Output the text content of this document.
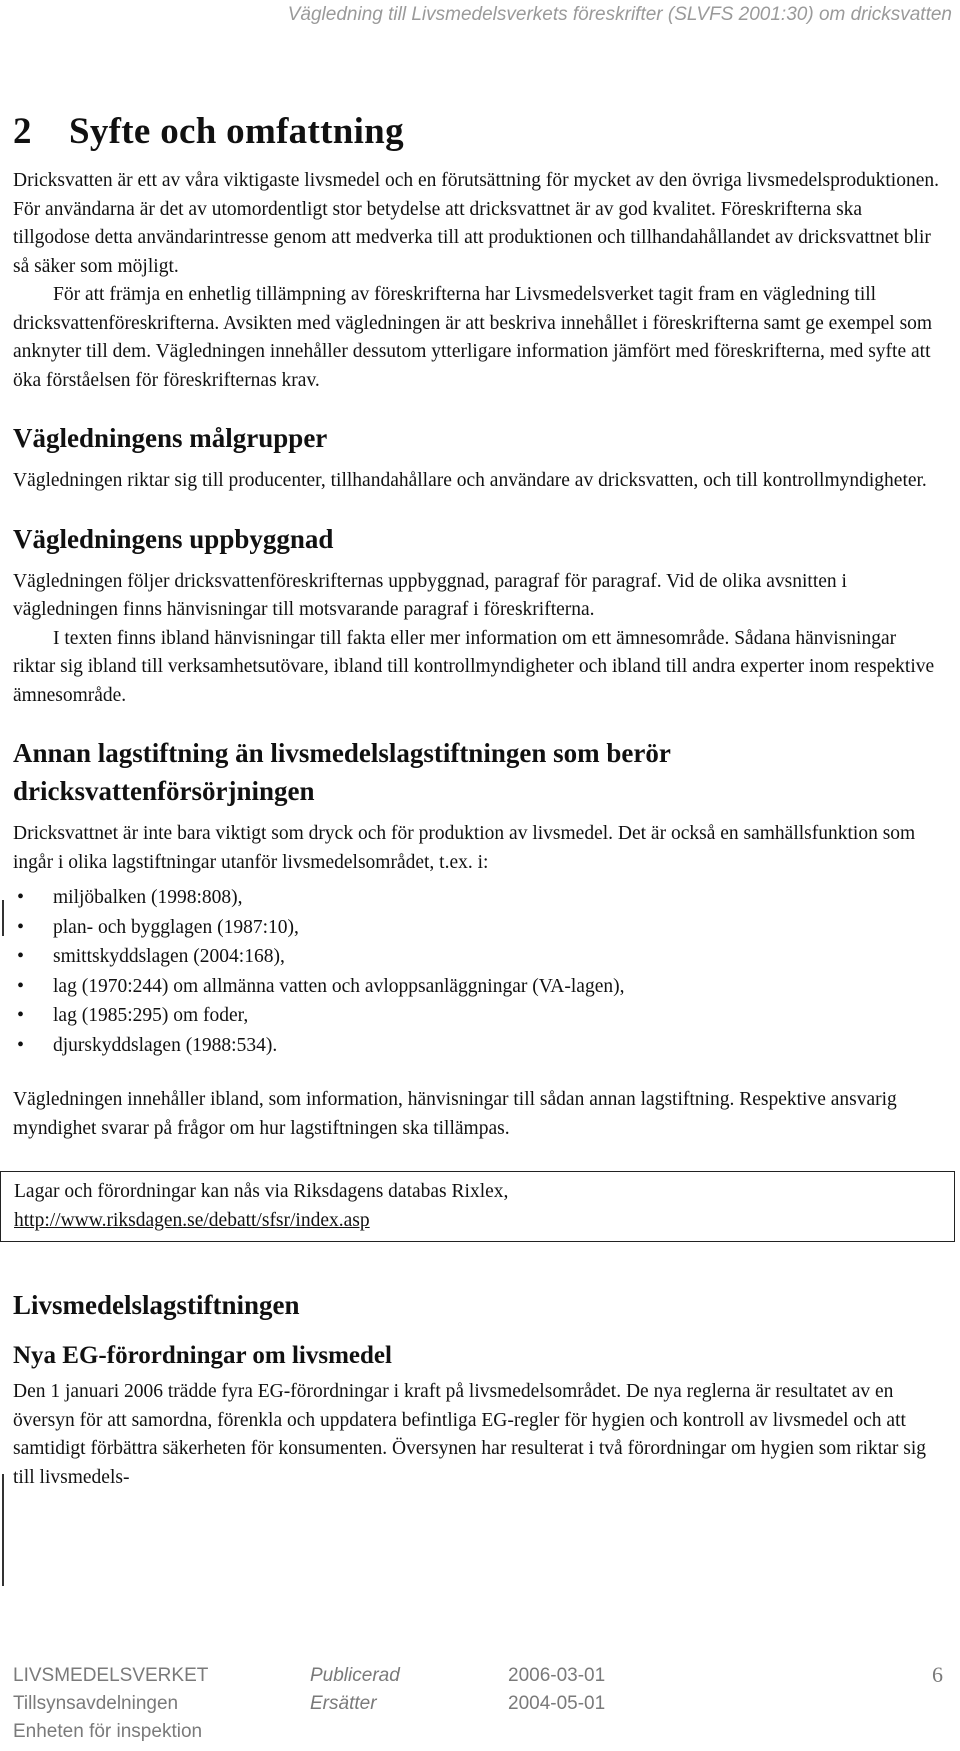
Vägledning till Livsmedelsverkets föreskrifter (SLVFS 2001:30) om dricksvatten
2 Syfte och omfattning

Dricksvatten är ett av våra viktigaste livsmedel och en förutsättning för mycket av den övriga livsmedelsproduktionen. För användarna är det av utomordentligt stor betydelse att dricksvattnet är av god kvalitet. Föreskrifterna ska tillgodose detta användarintresse genom att medverka till att produktionen och tillhandahållandet av dricksvattnet blir så säker som möjligt.

För att främja en enhetlig tillämpning av föreskrifterna har Livsmedelsverket tagit fram en vägledning till dricksvattenföreskrifterna. Avsikten med vägledningen är att beskriva innehållet i föreskrifterna samt ge exempel som anknyter till dem. Vägledningen innehåller dessutom ytterligare information jämfört med föreskrifterna, med syfte att öka förståelsen för föreskrifternas krav.

Vägledningens målgrupper

Vägledningen riktar sig till producenter, tillhandahållare och användare av dricksvatten, och till kontrollmyndigheter.

Vägledningens uppbyggnad

Vägledningen följer dricksvattenföreskrifternas uppbyggnad, paragraf för paragraf. Vid de olika avsnitten i vägledningen finns hänvisningar till motsvarande paragraf i föreskrifterna.

I texten finns ibland hänvisningar till fakta eller mer information om ett ämnesområde. Sådana hänvisningar riktar sig ibland till verksamhetsutövare, ibland till kontrollmyndigheter och ibland till andra experter inom respektive ämnesområde.

Annan lagstiftning än livsmedelslagstiftningen som berör dricksvattenförsörjningen

Dricksvattnet är inte bara viktigt som dryck och för produktion av livsmedel. Det är också en samhällsfunktion som ingår i olika lagstiftningar utanför livsmedelsområdet, t.ex. i:

• miljöbalken (1998:808),
• plan- och bygglagen (1987:10),
• smittskyddslagen (2004:168),
• lag (1970:244) om allmänna vatten och avloppsanläggningar (VA-lagen),
• lag (1985:295) om foder,
• djurskyddslagen (1988:534).

Vägledningen innehåller ibland, som information, hänvisningar till sådan annan lagstiftning. Respektive ansvarig myndighet svarar på frågor om hur lagstiftningen ska tillämpas.

Lagar och förordningar kan nås via Riksdagens databas Rixlex,

http://www.riksdagen.se/debatt/sfsr/index.asp

Livsmedelslagstiftningen
Nya EG-förordningar om livsmedel

Den 1 januari 2006 trädde fyra EG-förordningar i kraft på livsmedelsområdet. De nya reglerna är resultatet av en översyn för att samordna, förenkla och uppdatera befintliga EG-regler för hygien och kontroll av livsmedel och att samtidigt förbättra säkerheten för konsumenten. Översynen har resulterat i två förordningar om hygien som riktar sig till livsmedels-

LIVSMEDELSVERKET
Tillsynsavdelningen
Enheten för inspektion
Publicerad
Ersätter
2006-03-01
2004-05-01
6
